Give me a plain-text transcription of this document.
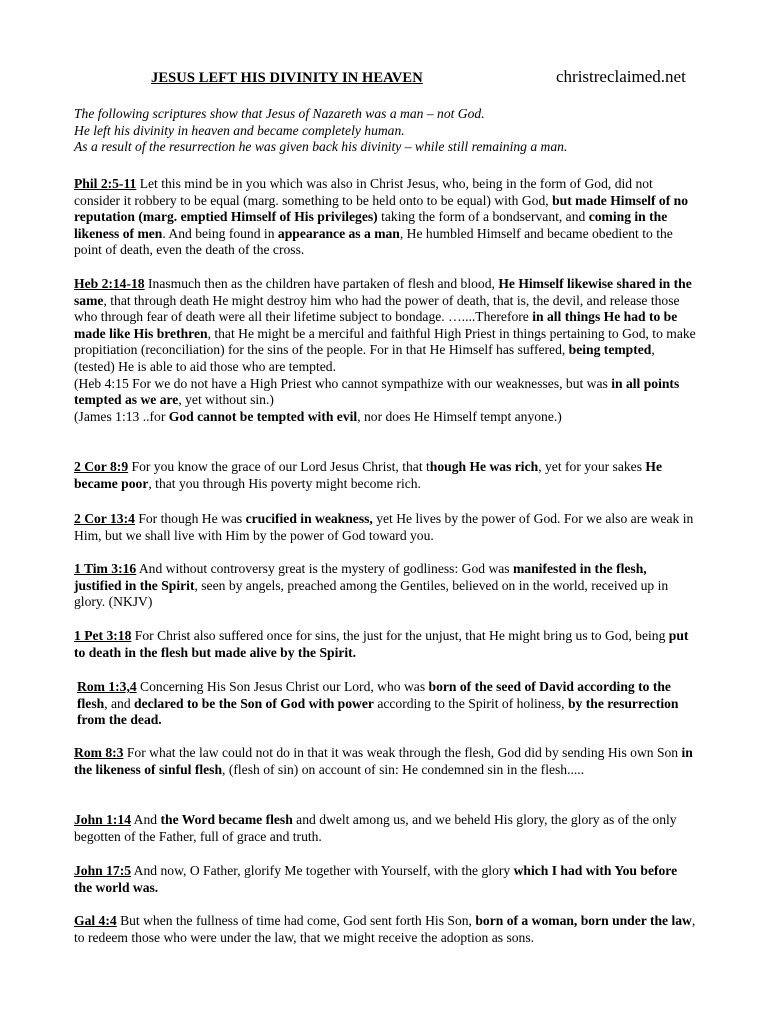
JESUS LEFT HIS DIVINITY IN HEAVEN	christreclaimed.net
The following scriptures show that Jesus of Nazareth was a man – not God.
He left his divinity in heaven and became completely human.
As a result of the resurrection he was given back his divinity – while still remaining a man.
Phil 2:5-11 Let this mind be in you which was also in Christ Jesus, who, being in the form of God, did not consider it robbery to be equal (marg. something to be held onto to be equal) with God, but made Himself of no reputation (marg. emptied Himself of His privileges) taking the form of a bondservant, and coming in the likeness of men. And being found in appearance as a man, He humbled Himself and became obedient to the point of death, even the death of the cross.
Heb 2:14-18 Inasmuch then as the children have partaken of flesh and blood, He Himself likewise shared in the same, that through death He might destroy him who had the power of death, that is, the devil, and release those who through fear of death were all their lifetime subject to bondage. …....Therefore in all things He had to be made like His brethren, that He might be a merciful and faithful High Priest in things pertaining to God, to make propitiation (reconciliation) for the sins of the people. For in that He Himself has suffered, being tempted, (tested) He is able to aid those who are tempted.
(Heb 4:15 For we do not have a High Priest who cannot sympathize with our weaknesses, but was in all points tempted as we are, yet without sin.)
(James 1:13 ..for God cannot be tempted with evil, nor does He Himself tempt anyone.)
2 Cor 8:9 For you know the grace of our Lord Jesus Christ, that though He was rich, yet for your sakes He became poor, that you through His poverty might become rich.
2 Cor 13:4 For though He was crucified in weakness, yet He lives by the power of God. For we also are weak in Him, but we shall live with Him by the power of God toward you.
1 Tim 3:16 And without controversy great is the mystery of godliness: God was manifested in the flesh, justified in the Spirit, seen by angels, preached among the Gentiles, believed on in the world, received up in glory. (NKJV)
1 Pet 3:18 For Christ also suffered once for sins, the just for the unjust, that He might bring us to God, being put to death in the flesh but made alive by the Spirit.
Rom 1:3,4 Concerning His Son Jesus Christ our Lord, who was born of the seed of David according to the flesh, and declared to be the Son of God with power according to the Spirit of holiness, by the resurrection from the dead.
Rom 8:3 For what the law could not do in that it was weak through the flesh, God did by sending His own Son in the likeness of sinful flesh, (flesh of sin) on account of sin: He condemned sin in the flesh.....
John 1:14 And the Word became flesh and dwelt among us, and we beheld His glory, the glory as of the only begotten of the Father, full of grace and truth.
John 17:5 And now, O Father, glorify Me together with Yourself, with the glory which I had with You before the world was.
Gal 4:4 But when the fullness of time had come, God sent forth His Son, born of a woman, born under the law, to redeem those who were under the law, that we might receive the adoption as sons.
